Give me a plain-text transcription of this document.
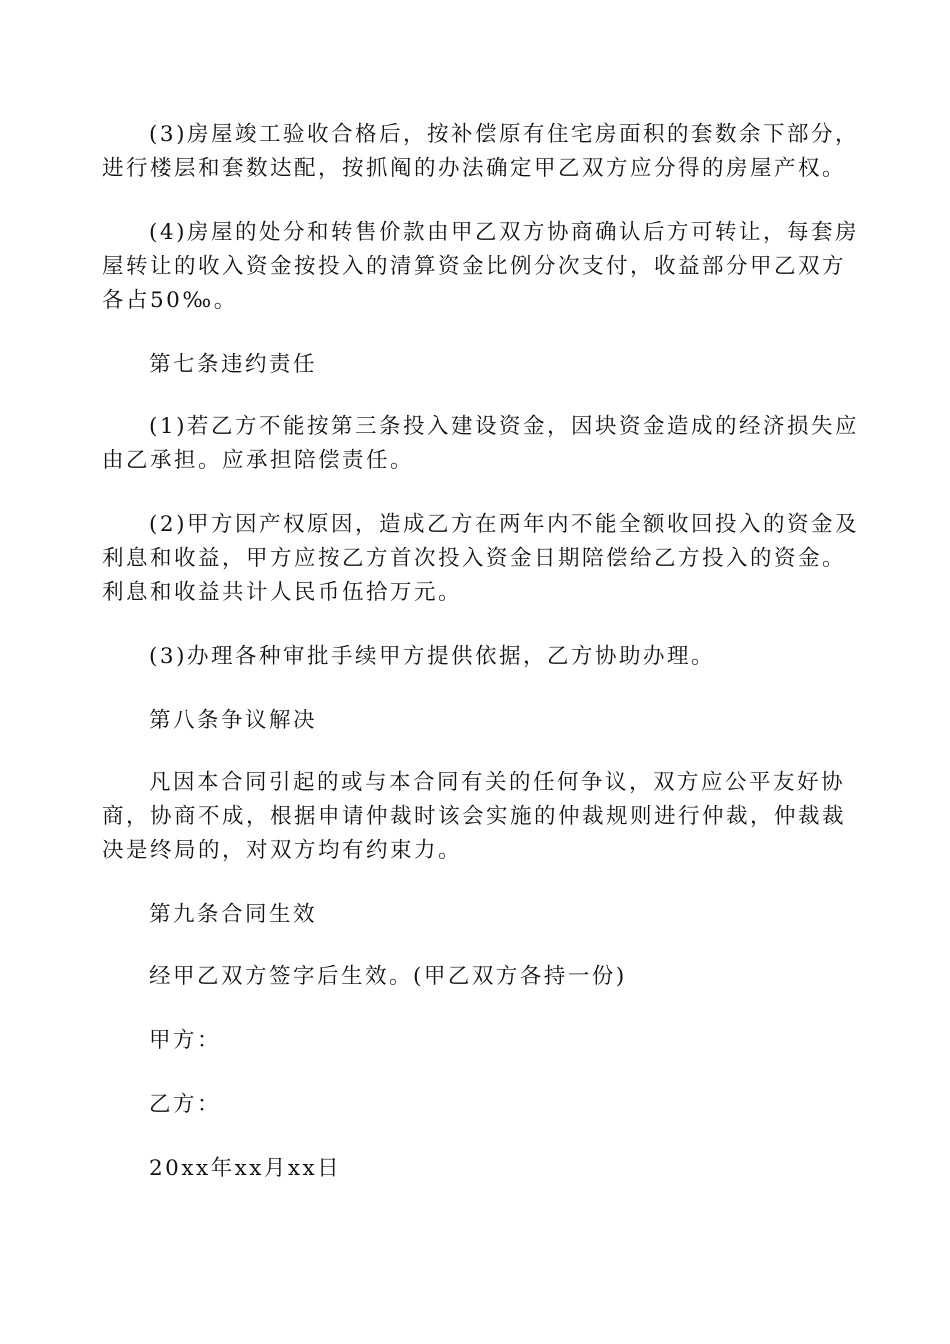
(3)房屋竣工验收合格后，按补偿原有住宅房面积的套数余下部分，进行楼层和套数达配，按抓阄的办法确定甲乙双方应分得的房屋产权。

(4)房屋的处分和转售价款由甲乙双方协商确认后方可转让，每套房屋转让的收入资金按投入的清算资金比例分次支付，收益部分甲乙双方各占50‰。

第七条违约责任

(1)若乙方不能按第三条投入建设资金，因块资金造成的经济损失应由乙承担。应承担陪偿责任。

(2)甲方因产权原因，造成乙方在两年内不能全额收回投入的资金及利息和收益，甲方应按乙方首次投入资金日期陪偿给乙方投入的资金。利息和收益共计人民币伍拾万元。

(3)办理各种审批手续甲方提供依据，乙方协助办理。

第八条争议解决

凡因本合同引起的或与本合同有关的任何争议，双方应公平友好协商，协商不成，根据申请仲裁时该会实施的仲裁规则进行仲裁，仲裁裁决是终局的，对双方均有约束力。

第九条合同生效

经甲乙双方签字后生效。(甲乙双方各持一份)

甲方：

乙方：

20xx年xx月xx日
